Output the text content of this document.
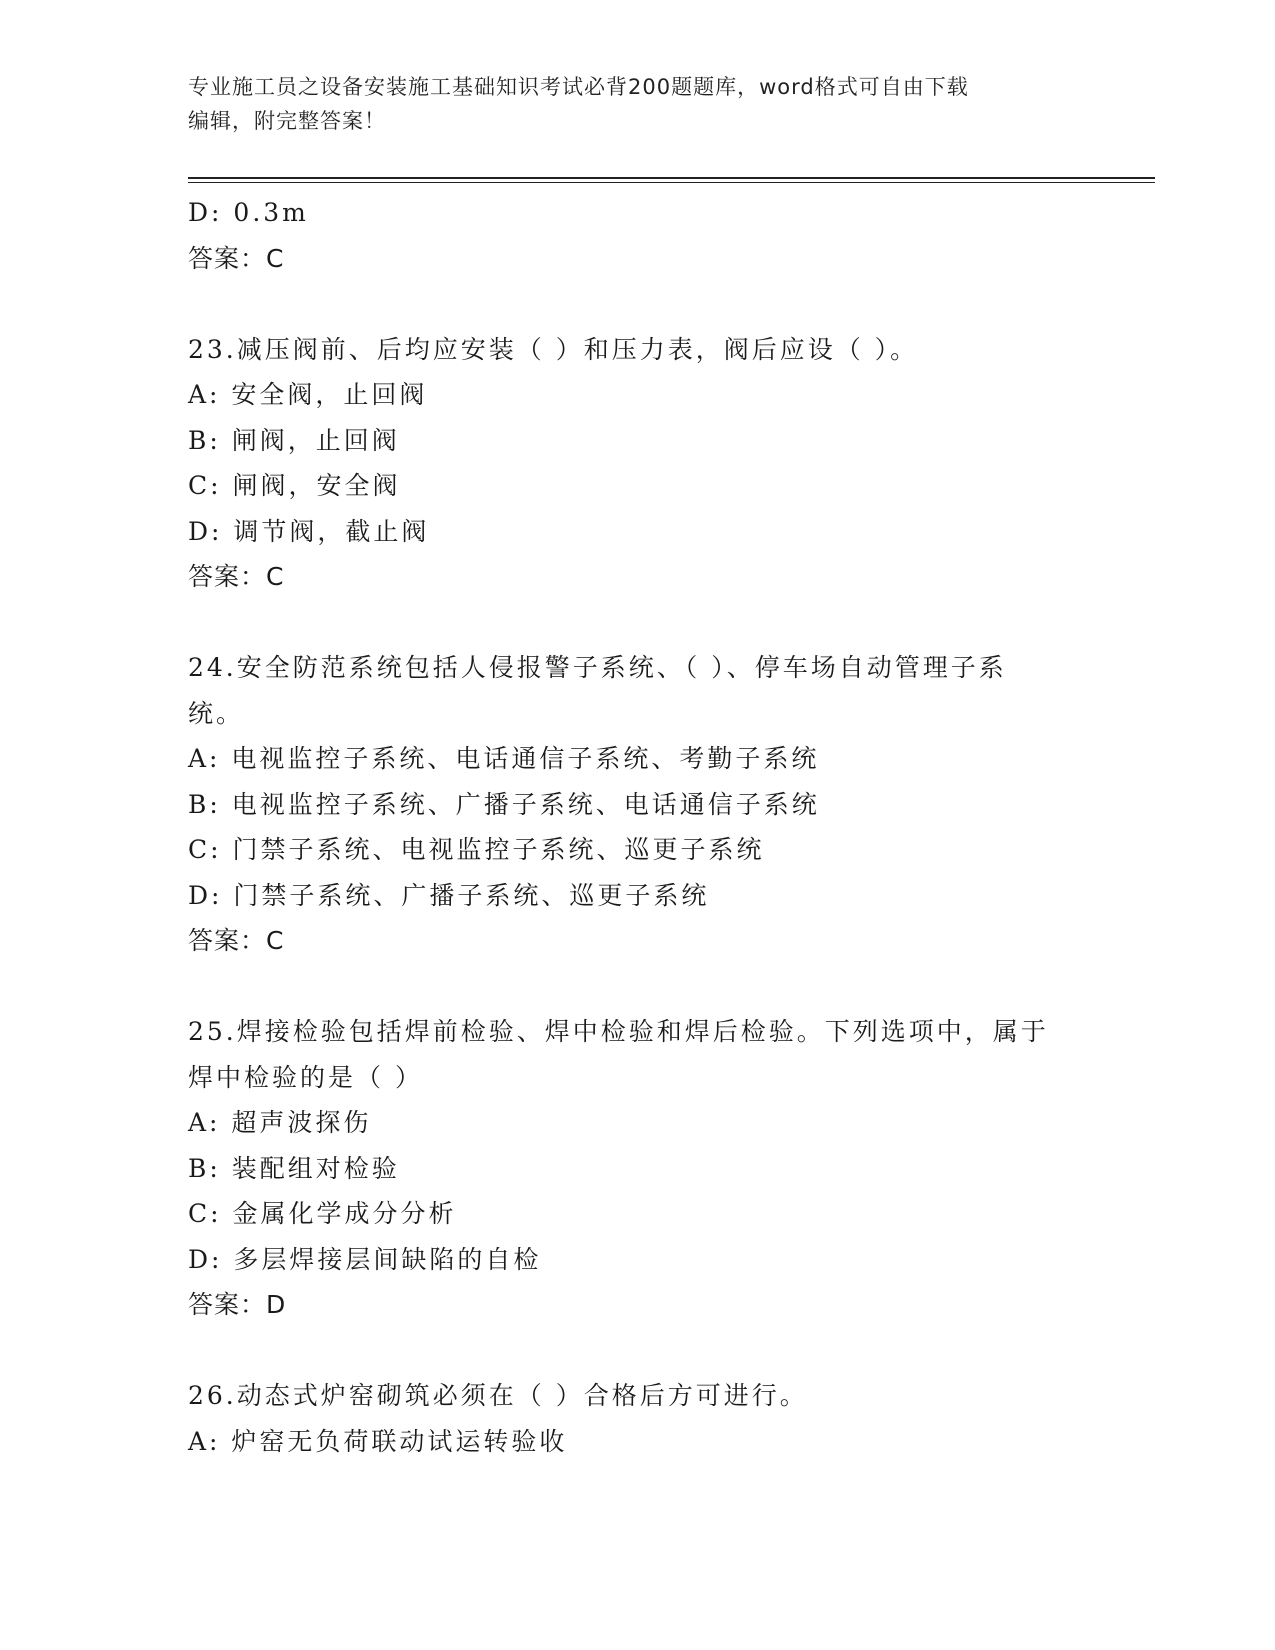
专业施工员之设备安装施工基础知识考试必背200题题库，word格式可自由下载
编辑，附完整答案！
D: 0.3m
答案：C
23.减压阀前、后均应安装（ ）和压力表，阀后应设（ ）。
A: 安全阀，止回阀
B: 闸阀，止回阀
C: 闸阀，安全阀
D: 调节阀，截止阀
答案：C
24.安全防范系统包括人侵报警子系统、（ ）、停车场自动管理子系
统。
A: 电视监控子系统、电话通信子系统、考勤子系统
B: 电视监控子系统、广播子系统、电话通信子系统
C: 门禁子系统、电视监控子系统、巡更子系统
D: 门禁子系统、广播子系统、巡更子系统
答案：C
25.焊接检验包括焊前检验、焊中检验和焊后检验。下列选项中，属于
焊中检验的是（ ）
A: 超声波探伤
B: 装配组对检验
C: 金属化学成分分析
D: 多层焊接层间缺陷的自检
答案：D
26.动态式炉窑砌筑必须在（ ）合格后方可进行。
A: 炉窑无负荷联动试运转验收
